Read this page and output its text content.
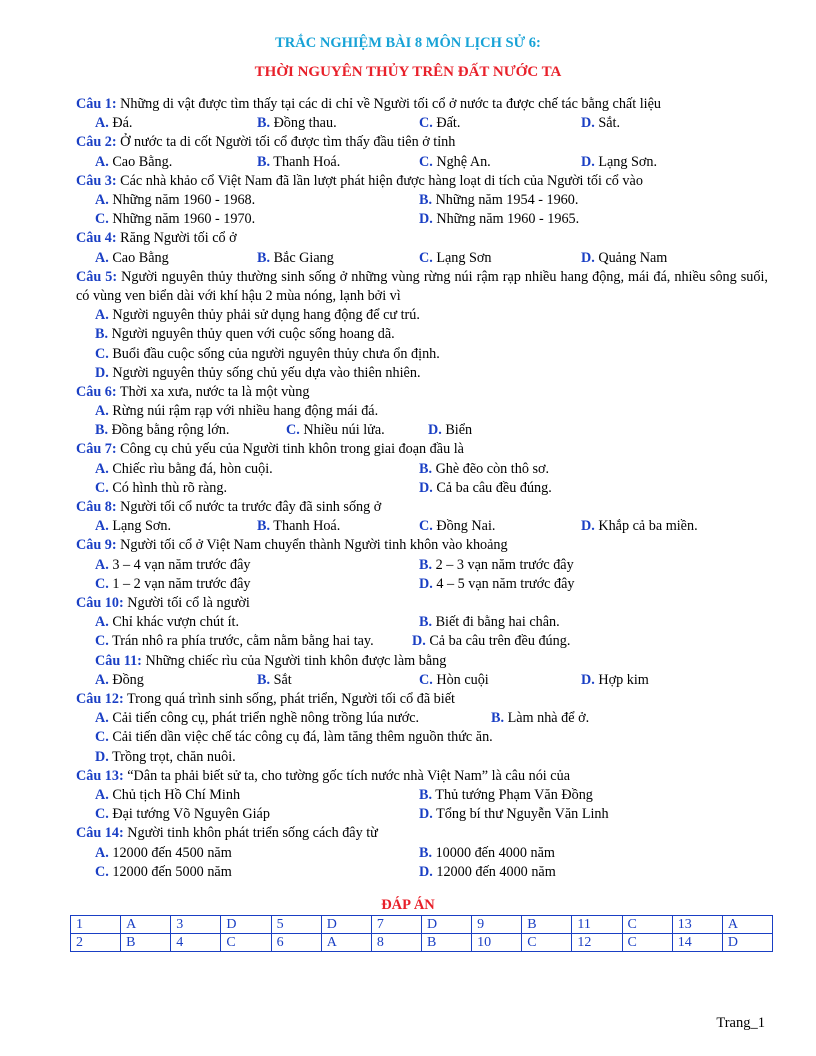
TRẮC NGHIỆM BÀI 8 MÔN LỊCH SỬ 6:
THỜI NGUYÊN THỦY TRÊN ĐẤT NƯỚC TA
Câu 1: Những di vật được tìm thấy tại các di chỉ về Người tối cổ ở nước ta được chế tác bằng chất liệu
A. Đá.	B. Đồng thau.	C. Đất.	D. Sắt.
Câu 2: Ở nước ta di cốt Người tối cổ được tìm thấy đầu tiên ở tỉnh
A. Cao Bằng.	B. Thanh Hoá.	C. Nghệ An.	D. Lạng Sơn.
Câu 3: Các nhà khảo cổ Việt Nam đã lần lượt phát hiện được hàng loạt di tích của Người tối cổ vào
A. Những năm 1960 - 1968.	B. Những năm 1954 - 1960.
C. Những năm 1960 - 1970.	D. Những năm 1960 - 1965.
Câu 4: Răng Người tối cổ ở
A. Cao Bằng	B. Bắc Giang	C. Lạng Sơn	D. Quảng Nam
Câu 5: Người nguyên thủy thường sinh sống ở những vùng rừng núi rậm rạp nhiều hang động, mái đá, nhiều sông suối, có vùng ven biển dài với khí hậu 2 mùa nóng, lạnh bởi vì
A. Người nguyên thủy phải sử dụng hang động để cư trú.
B. Người nguyên thủy quen với cuộc sống hoang dã.
C. Buổi đầu cuộc sống của người nguyên thủy chưa ổn định.
D. Người nguyên thủy sống chủ yếu dựa vào thiên nhiên.
Câu 6: Thời xa xưa, nước ta là một vùng
A. Rừng núi rậm rạp với nhiều hang động mái đá.
B. Đồng bằng rộng lớn.	C. Nhiều núi lửa.	D. Biển
Câu 7: Công cụ chủ yếu của Người tinh khôn trong giai đoạn đầu là
A. Chiếc rìu bằng đá, hòn cuội.	B. Ghè đẽo còn thô sơ.
C. Có hình thù rõ ràng.	D. Cả ba câu đều đúng.
Câu 8: Người tối cổ nước ta trước đây đã sinh sống ở
A. Lạng Sơn.	B. Thanh Hoá.	C. Đồng Nai.	D. Khắp cả ba miền.
Câu 9: Người tối cổ ở Việt Nam chuyển thành Người tinh khôn vào khoảng
A. 3 – 4 vạn năm trước đây	B. 2 – 3 vạn năm trước đây
C. 1 – 2 vạn năm trước đây	D. 4 – 5 vạn năm trước đây
Câu 10: Người tối cổ là người
A. Chỉ khác vượn chút ít.	B. Biết đi bằng hai chân.
C. Trán nhô ra phía trước, cằm nằm bằng hai tay.	D. Cả ba câu trên đều đúng.
Câu 11: Những chiếc rìu của Người tinh khôn được làm bằng
A. Đồng	B. Sắt	C. Hòn cuội	D. Hợp kim
Câu 12: Trong quá trình sinh sống, phát triển, Người tối cổ đã biết
A. Cải tiến công cụ, phát triển nghề nông trồng lúa nước.	B. Làm nhà để ở.
C. Cải tiến dần việc chế tác công cụ đá, làm tăng thêm nguồn thức ăn.
D. Trồng trọt, chăn nuôi.
Câu 13: “Dân ta phải biết sử ta, cho tường gốc tích nước nhà Việt Nam” là câu nói của
A. Chủ tịch Hồ Chí Minh	B. Thủ tướng Phạm Văn Đồng
C. Đại tướng Võ Nguyên Giáp	D. Tổng bí thư Nguyễn Văn Linh
Câu 14: Người tinh khôn phát triển sống cách đây từ
A. 12000 đến 4500 năm	B. 10000 đến 4000 năm
C. 12000 đến 5000 năm	D. 12000 đến 4000 năm
ĐÁP ÁN
1	A	3	D	5	D	7	D	9	B	11	C	13	A
2	B	4	C	6	A	8	B	10	C	12	C	14	D
Trang_1
